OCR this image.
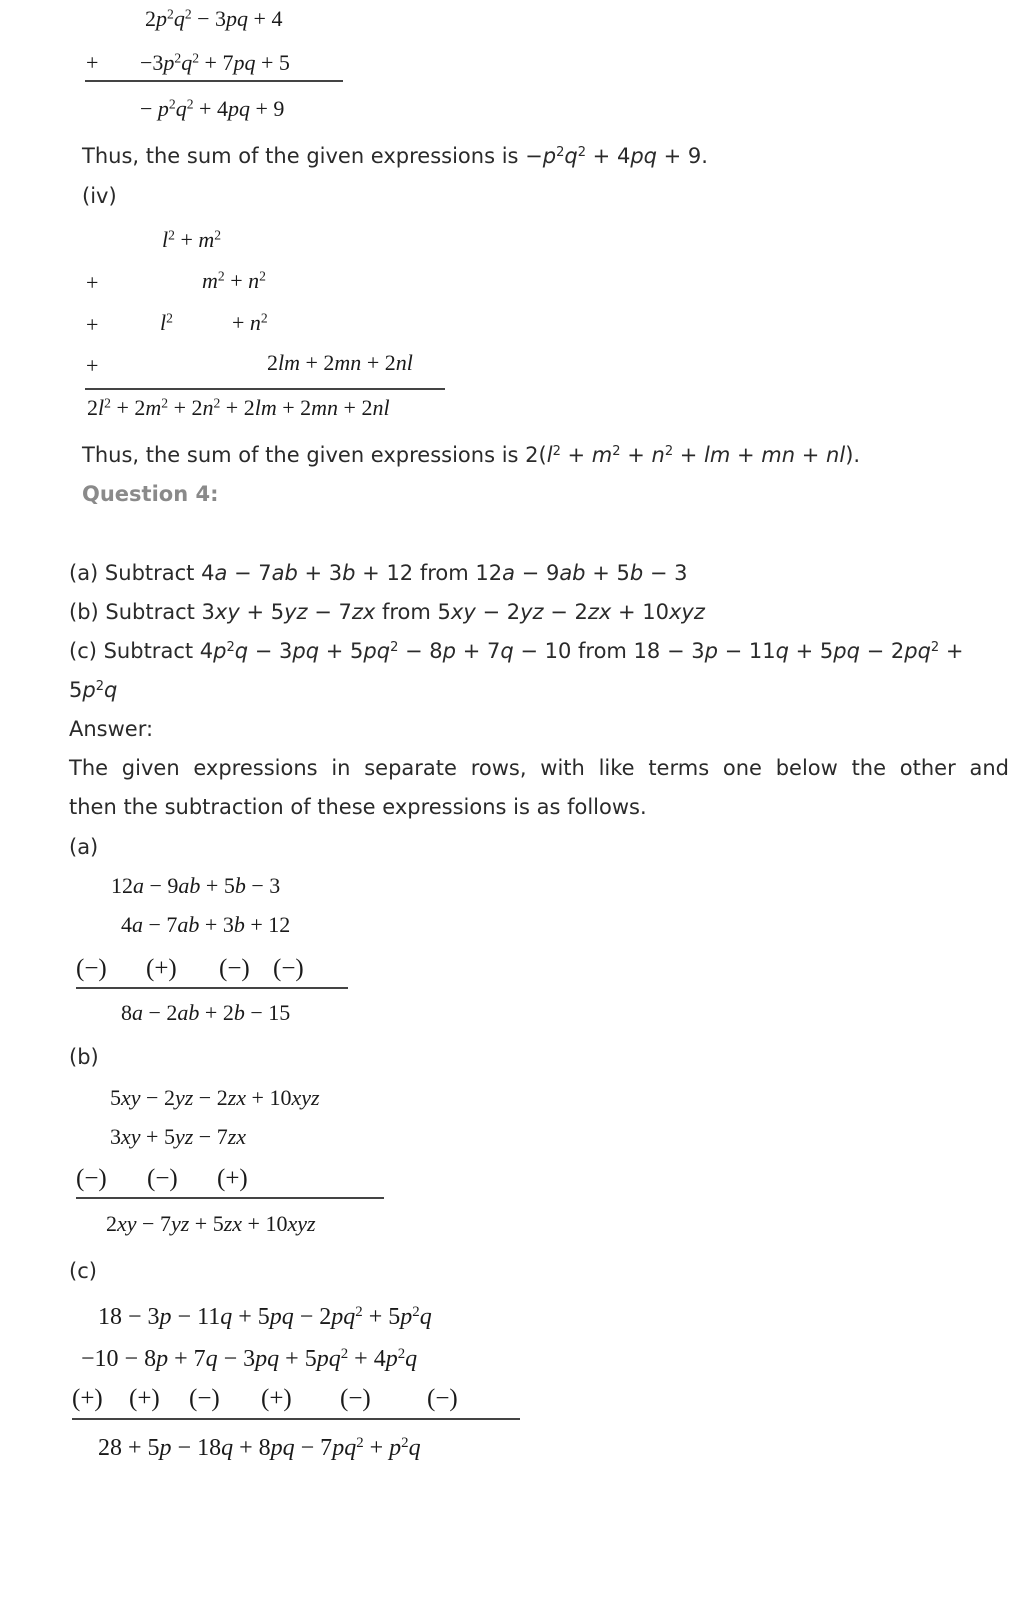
$2p^2q^2 - 3pq + 4$
+ $-3p^2q^2 + 7pq + 5$
− $p^2q^2 + 4pq + 9$
Thus, the sum of the given expressions is $-p^2q^2 + 4pq + 9$.
(iv)
$l^2 + m^2$
+	$m^2 + n^2$
+	$l^2$	+ $n^2$
+	2lm + 2mn + 2nl
$2l^2 + 2m^2 + 2n^2 + 2lm + 2mn + 2nl$
Thus, the sum of the given expressions is $2(l^2 + m^2 + n^2$ + lm + mn + nl).
Question 4:
(a) Subtract 4a − 7ab + 3b + 12 from 12a − 9ab + 5b − 3
(b) Subtract 3xy + 5yz − 7zx from 5xy − 2yz − 2zx + 10xyz
(c) Subtract $4p^2q - 3pq + 5pq^2 - 8p + 7q - 10$ from $18 - 3p - 11q + 5pq - 2pq^2$ +
$5p^2q$
Answer:
The given expressions in separate rows, with like terms one below the other and
then the subtraction of these expressions is as follows.
(a)
12a − 9ab + 5b − 3
4a − 7ab + 3b + 12
(−) (+) (−) (−)
8a − 2ab + 2b − 15
(b)
5xy − 2yz − 2zx + 10xyz
3xy + 5yz − 7zx
(−) (−) (+)
2xy − 7yz + 5zx + 10xyz
(c)
$18 - 3p - 11q + 5pq - 2pq^2 + 5p^2q$
$-10 - 8p + 7q - 3pq + 5pq^2 + 4p^2q$
(+) (+) (−) (+) (−) (−)
$28 + 5p - 18q + 8pq - 7pq^2 + p^2q$
